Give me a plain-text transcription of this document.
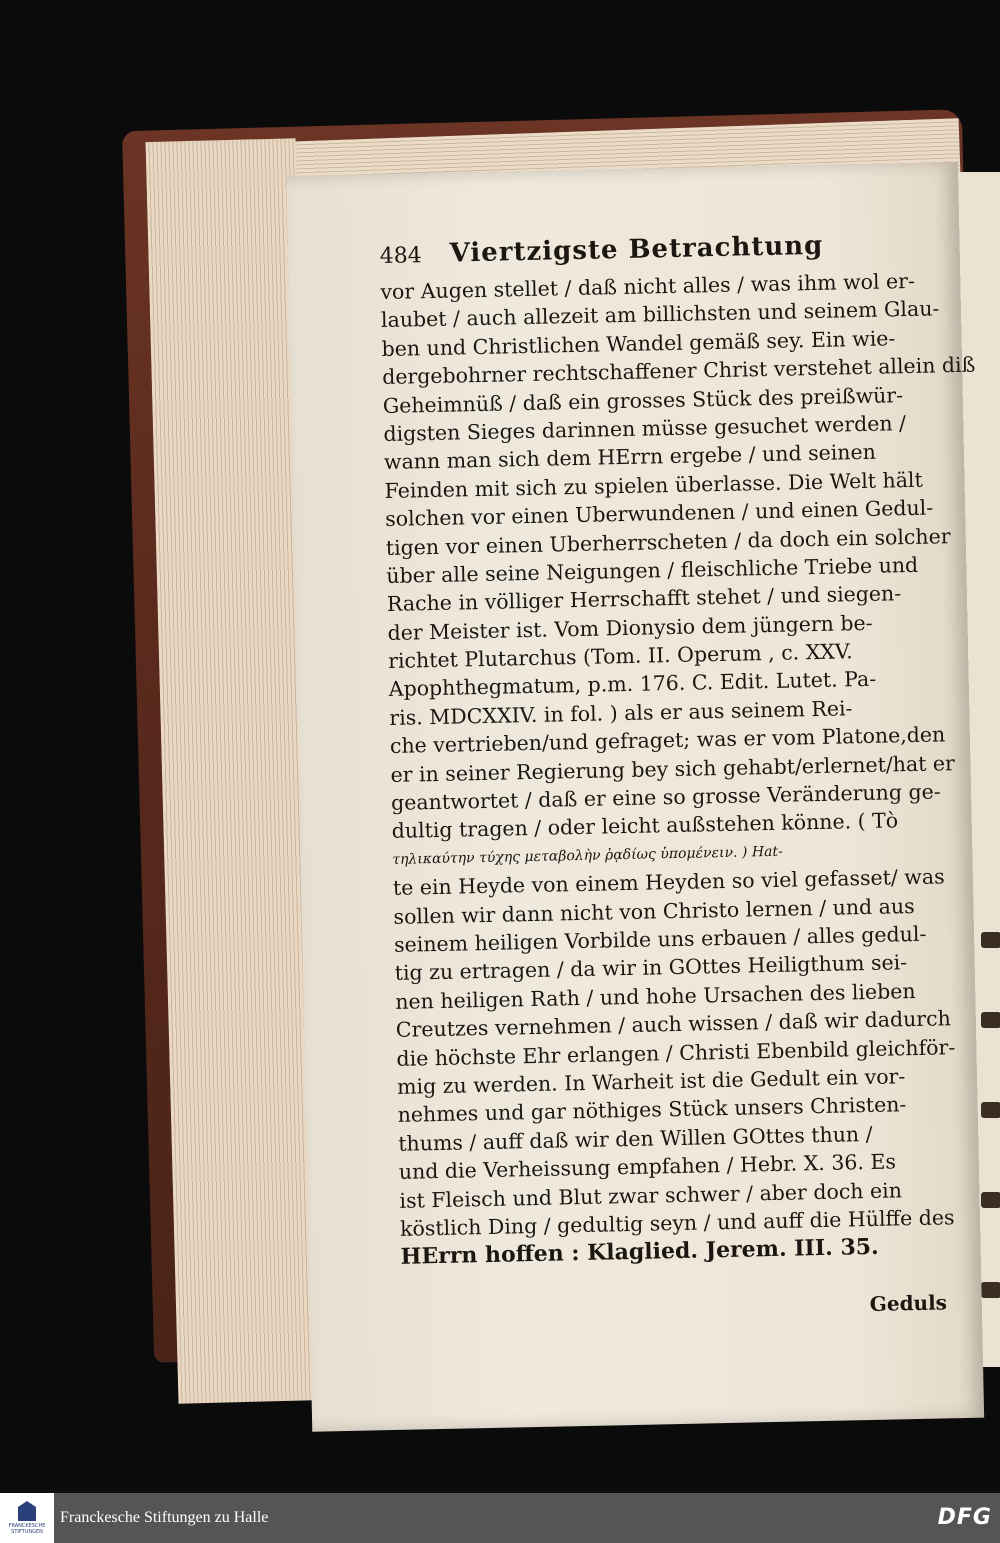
484	Viertzigste Betrachtung
vor Augen stellet / daß nicht alles / was ihm wol er-
laubet / auch allezeit am billichsten und seinem Glau-
ben und Christlichen Wandel gemäß sey. Ein wie-
dergebohrner rechtschaffener Christ verstehet allein diß
Geheimnüß / daß ein grosses Stück des preißwür-
digsten Sieges darinnen müsse gesuchet werden /
wann man sich dem HErrn ergebe / und seinen
Feinden mit sich zu spielen überlasse. Die Welt hält
solchen vor einen Uberwundenen / und einen Gedul-
tigen vor einen Uberherrscheten / da doch ein solcher
über alle seine Neigungen / fleischliche Triebe und
Rache in völliger Herrschafft stehet / und siegen-
der Meister ist. Vom Dionysio dem jüngern be-
richtet Plutarchus (Tom. II. Operum , c. XXV.
Apophthegmatum, p.m. 176. C. Edit. Lutet. Pa-
ris. MDCXXIV. in fol. ) als er aus seinem Rei-
che vertrieben/und gefraget; was er vom Platone,den
er in seiner Regierung bey sich gehabt/erlernet/hat er
geantwortet / daß er eine so grosse Veränderung ge-
dultig tragen / oder leicht außstehen könne. ( Τὸ
τηλικαύτην τύχης μεταβολὴν ῥᾳδίως ὑπομένειν. ) Hat-
te ein Heyde von einem Heyden so viel gefasset/ was
sollen wir dann nicht von Christo lernen / und aus
seinem heiligen Vorbilde uns erbauen / alles gedul-
tig zu ertragen / da wir in GOttes Heiligthum sei-
nen heiligen Rath / und hohe Ursachen des lieben
Creutzes vernehmen / auch wissen / daß wir dadurch
die höchste Ehr erlangen / Christi Ebenbild gleichför-
mig zu werden. In Warheit ist die Gedult ein vor-
nehmes und gar nöthiges Stück unsers Christen-
thums / auff daß wir den Willen GOttes thun /
und die Verheissung empfahen / Hebr. X. 36. Es
ist Fleisch und Blut zwar schwer / aber doch ein
köstlich Ding / gedultig seyn / und auff die Hülffe des
HErrn hoffen : Klaglied. Jerem. III. 35.
Geduls
FRANCKESCHE STIFTUNGEN
Franckesche Stiftungen zu Halle	DFG
